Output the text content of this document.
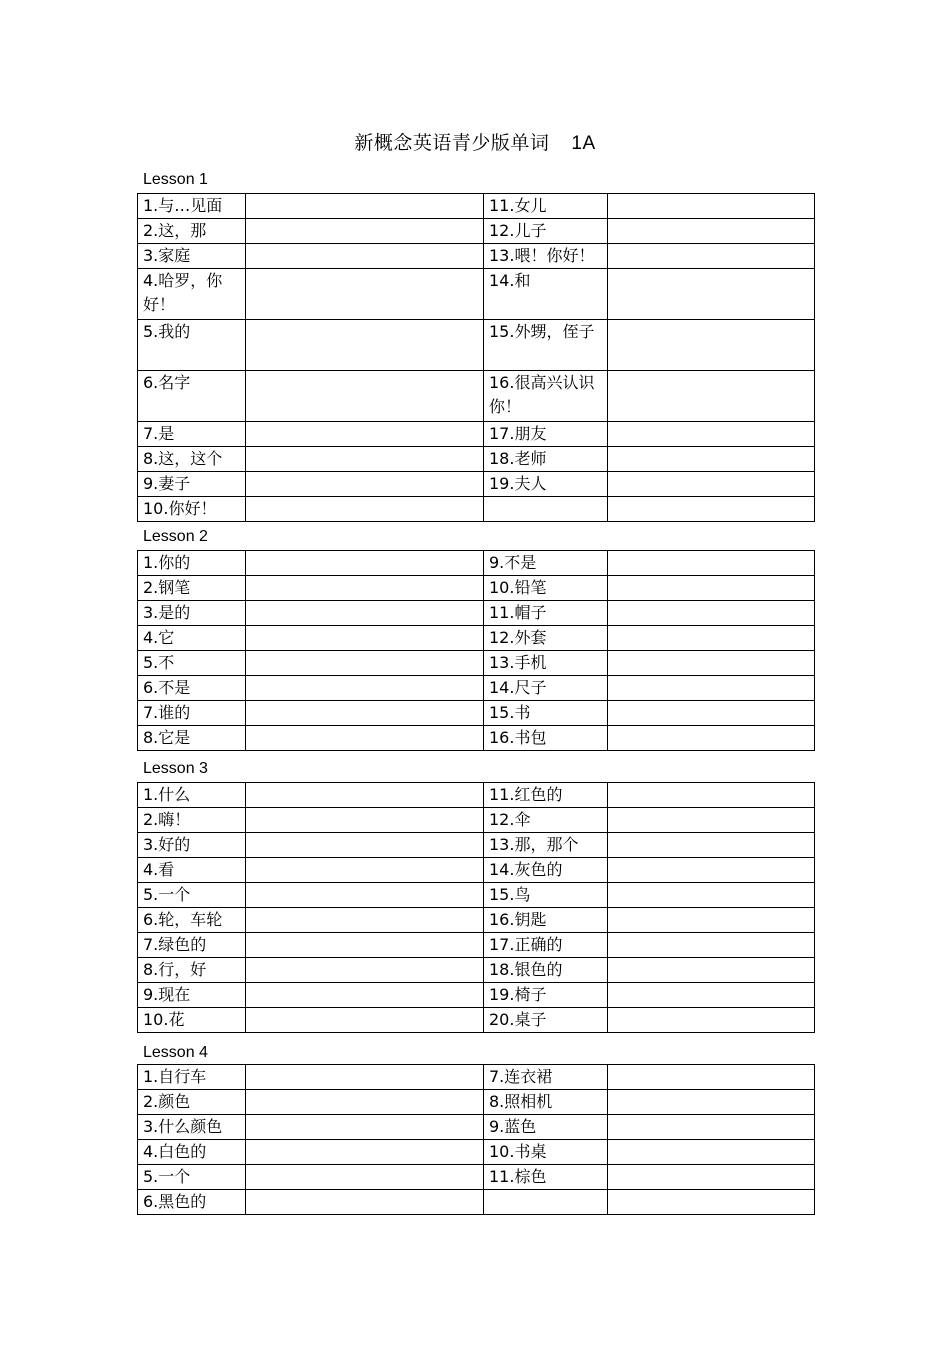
新概念英语青少版单词 1A
Lesson 1
1.与…见面		11.女儿	
2.这，那		12.儿子	
3.家庭		13.喂！你好！	
4.哈罗，你好！		14.和	
5.我的		15.外甥，侄子	
6.名字		16.很高兴认识你！	
7.是		17.朋友	
8.这，这个		18.老师	
9.妻子		19.夫人	
10.你好！			
Lesson 2
1.你的		9.不是	
2.钢笔		10.铅笔	
3.是的		11.帽子	
4.它		12.外套	
5.不		13.手机	
6.不是		14.尺子	
7.谁的		15.书	
8.它是		16.书包	
Lesson 3
1.什么		11.红色的	
2.嗨！		12.伞	
3.好的		13.那，那个	
4.看		14.灰色的	
5.一个		15.鸟	
6.轮，车轮		16.钥匙	
7.绿色的		17.正确的	
8.行，好		18.银色的	
9.现在		19.椅子	
10.花		20.桌子	
Lesson 4
1.自行车		7.连衣裙	
2.颜色		8.照相机	
3.什么颜色		9.蓝色	
4.白色的		10.书桌	
5.一个		11.棕色	
6.黑色的			
